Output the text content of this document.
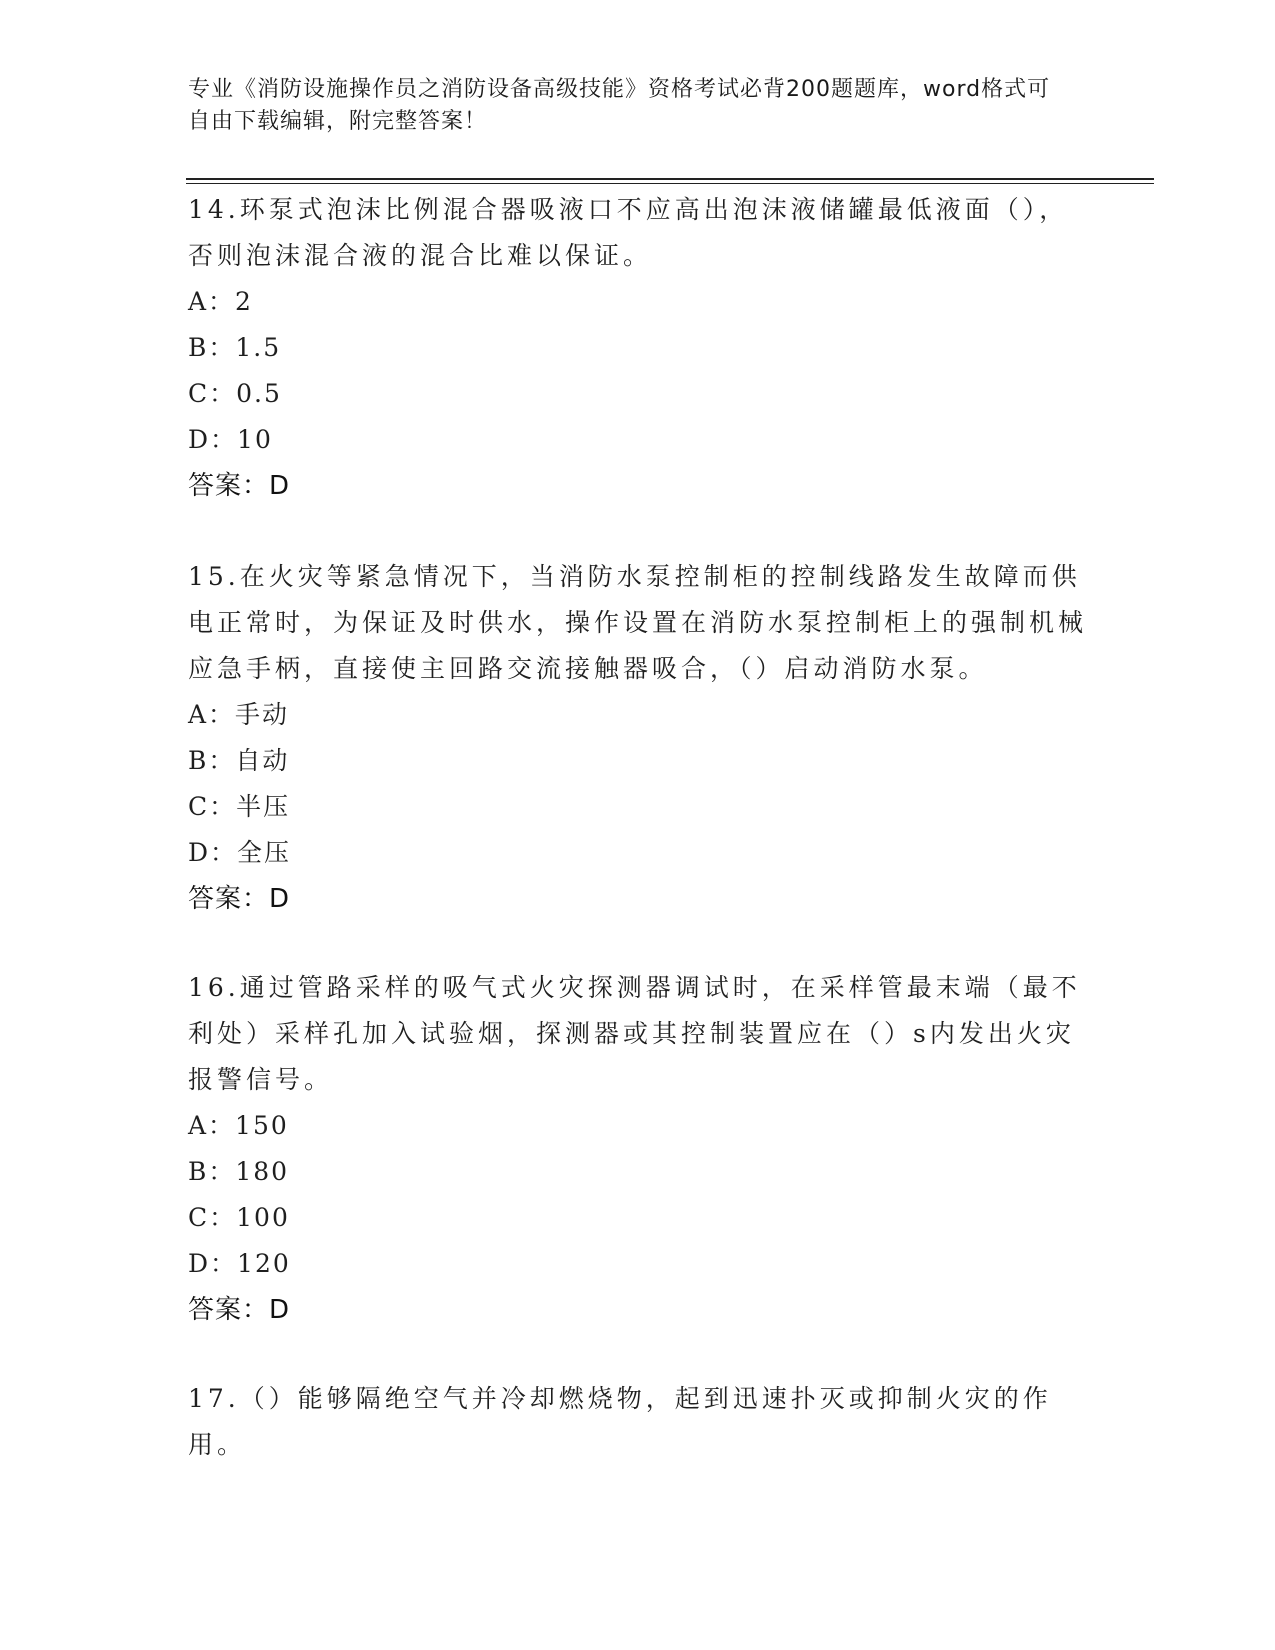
专业《消防设施操作员之消防设备高级技能》资格考试必背200题题库，word格式可自由下载编辑，附完整答案！

14.环泵式泡沫比例混合器吸液口不应高出泡沫液储罐最低液面（），否则泡沫混合液的混合比难以保证。

A：2

B：1.5

C：0.5

D：10

答案：D

15.在火灾等紧急情况下，当消防水泵控制柜的控制线路发生故障而供电正常时，为保证及时供水，操作设置在消防水泵控制柜上的强制机械应急手柄，直接使主回路交流接触器吸合，（）启动消防水泵。

A：手动

B：自动

C：半压

D：全压

答案：D

16.通过管路采样的吸气式火灾探测器调试时，在采样管最末端（最不利处）采样孔加入试验烟，探测器或其控制装置应在（）s内发出火灾报警信号。

A：150

B：180

C：100

D：120

答案：D

17.（）能够隔绝空气并冷却燃烧物，起到迅速扑灭或抑制火灾的作用。
